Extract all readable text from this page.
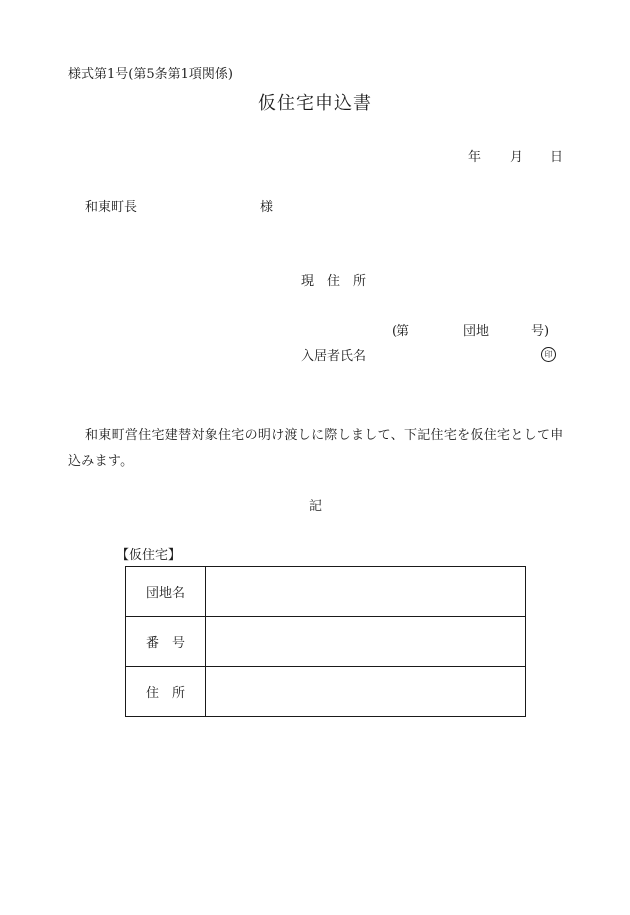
様式第1号(第5条第1項関係)
仮住宅申込書
年 月 日
和東町長	様
現　住　所
(
第	団地	号 )
入居者氏名	印
和東町営住宅建替対象住宅の明け渡しに際しまして、下記住宅を仮住宅として申込みます。
記
【仮住宅】
団地名	
番　号	
住　所	
